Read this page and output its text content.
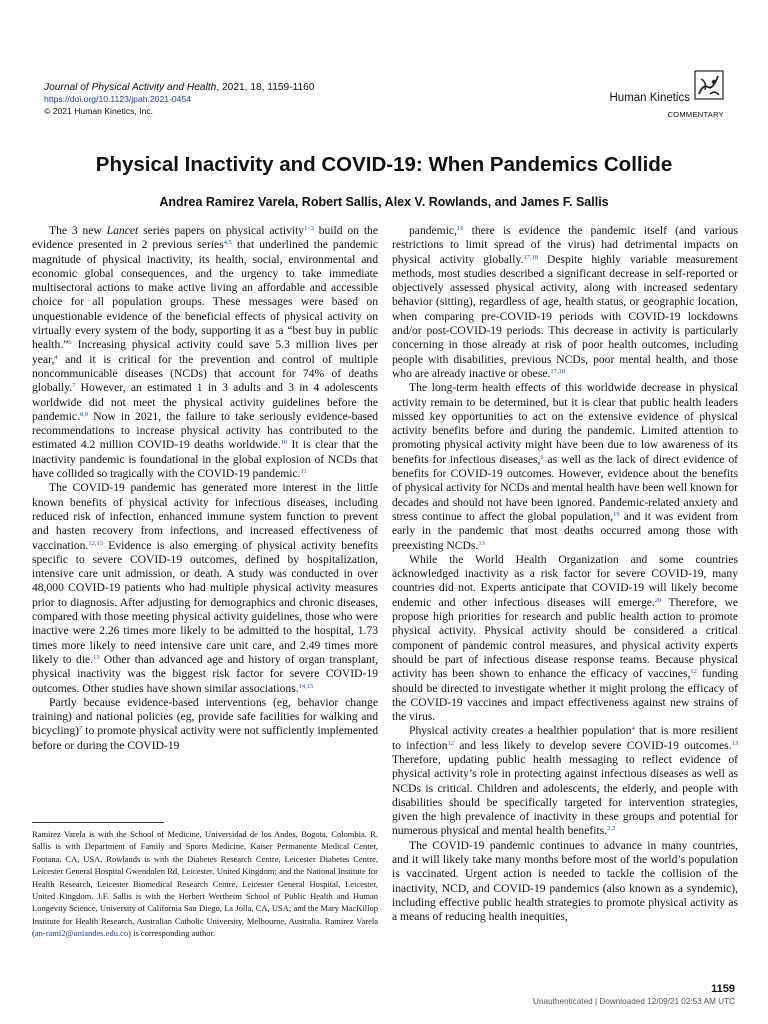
Journal of Physical Activity and Health, 2021, 18, 1159-1160
https://doi.org/10.1123/jpah.2021-0454
© 2021 Human Kinetics, Inc.
Human Kinetics
COMMENTARY
Physical Inactivity and COVID-19: When Pandemics Collide
Andrea Ramirez Varela, Robert Sallis, Alex V. Rowlands, and James F. Sallis

The 3 new Lancet series papers on physical activity$^{1-3}$ build on the evidence presented in 2 previous series$^{4,5}$ that underlined the pandemic magnitude of physical inactivity, its health, social, environmental and economic global consequences, and the urgency to take immediate multisectoral actions to make active living an affordable and accessible choice for all population groups. These messages were based on unquestionable evidence of the beneficial effects of physical activity on virtually every system of the body, supporting it as a “best buy in public health.”$^6$ Increasing physical activity could save 5.3 million lives per year,$^4$ and it is critical for the prevention and control of multiple noncommunicable diseases (NCDs) that account for 74% of deaths globally.$^7$ However, an estimated 1 in 3 adults and 3 in 4 adolescents worldwide did not meet the physical activity guidelines before the pandemic.$^{8,9}$ Now in 2021, the failure to take seriously evidence-based recommendations to increase physical activity has contributed to the estimated 4.2 million COVID-19 deaths worldwide.$^{10}$ It is clear that the inactivity pandemic is foundational in the global explosion of NCDs that have collided so tragically with the COVID-19 pandemic.$^{11}$

The COVID-19 pandemic has generated more interest in the little known benefits of physical activity for infectious diseases, including reduced risk of infection, enhanced immune system function to prevent and hasten recovery from infections, and increased effectiveness of vaccination.$^{12,13}$ Evidence is also emerging of physical activity benefits specific to severe COVID-19 outcomes, defined by hospitalization, intensive care unit admission, or death. A study was conducted in over 48,000 COVID-19 patients who had multiple physical activity measures prior to diagnosis. After adjusting for demographics and chronic diseases, compared with those meeting physical activity guidelines, those who were inactive were 2.26 times more likely to be admitted to the hospital, 1.73 times more likely to need intensive care unit care, and 2.49 times more likely to die.$^{13}$ Other than advanced age and history of organ transplant, physical inactivity was the biggest risk factor for severe COVID-19 outcomes. Other studies have shown similar associations.$^{14,15}$

Partly because evidence-based interventions (eg, behavior change training) and national policies (eg, provide safe facilities for walking and bicycling)$^7$ to promote physical activity were not sufficiently implemented before or during the COVID-19

pandemic,$^{16}$ there is evidence the pandemic itself (and various restrictions to limit spread of the virus) had detrimental impacts on physical activity globally.$^{17,18}$ Despite highly variable measurement methods, most studies described a significant decrease in self-reported or objectively assessed physical activity, along with increased sedentary behavior (sitting), regardless of age, health status, or geographic location, when comparing pre-COVID-19 periods with COVID-19 lockdowns and/or post-COVID-19 periods. This decrease in activity is particularly concerning in those already at risk of poor health outcomes, including people with disabilities, previous NCDs, poor mental health, and those who are already inactive or obese.$^{17,18}$

The long-term health effects of this worldwide decrease in physical activity remain to be determined, but it is clear that public health leaders missed key opportunities to act on the extensive evidence of physical activity benefits before and during the pandemic. Limited attention to promoting physical activity might have been due to low awareness of its benefits for infectious diseases,$^6$ as well as the lack of direct evidence of benefits for COVID-19 outcomes. However, evidence about the benefits of physical activity for NCDs and mental health have been well known for decades and should not have been ignored. Pandemic-related anxiety and stress continue to affect the global population,$^{19}$ and it was evident from early in the pandemic that most deaths occurred among those with preexisting NCDs.$^{13}$

While the World Health Organization and some countries acknowledged inactivity as a risk factor for severe COVID-19, many countries did not. Experts anticipate that COVID-19 will likely become endemic and other infectious diseases will emerge.$^{20}$ Therefore, we propose high priorities for research and public health action to promote physical activity. Physical activity should be considered a critical component of pandemic control measures, and physical activity experts should be part of infectious disease response teams. Because physical activity has been shown to enhance the efficacy of vaccines,$^{12}$ funding should be directed to investigate whether it might prolong the efficacy of the COVID-19 vaccines and impact effectiveness against new strains of the virus.

Physical activity creates a healthier population$^4$ that is more resilient to infection$^{12}$ and less likely to develop severe COVID-19 outcomes.$^{13}$ Therefore, updating public health messaging to reflect evidence of physical activity’s role in protecting against infectious diseases as well as NCDs is critical. Children and adolescents, the elderly, and people with disabilities should be specifically targeted for intervention strategies, given the high prevalence of inactivity in these groups and potential for numerous physical and mental health benefits.$^{2,3}$

The COVID-19 pandemic continues to advance in many countries, and it will likely take many months before most of the world’s population is vaccinated. Urgent action is needed to tackle the collision of the inactivity, NCD, and COVID-19 pandemics (also known as a syndemic), including effective public health strategies to promote physical activity as a means of reducing health inequities,

Ramirez Varela is with the School of Medicine, Universidad de los Andes, Bogota, Colombia. R. Sallis is with Department of Family and Sports Medicine, Kaiser Permanente Medical Center, Fontana, CA, USA. Rowlands is with the Diabetes Research Centre, Leicester Diabetes Centre, Leicester General Hospital Gwendolen Rd, Leicester, United Kingdom; and the National Institute for Health Research, Leicester Biomedical Research Centre, Leicester General Hospital, Leicester, United Kingdom. J.F. Sallis is with the Herbert Wertheim School of Public Health and Human Longevity Science, University of California San Diego, La Jolla, CA, USA; and the Mary MacKillop Institute for Health Research, Australian Catholic University, Melbourne, Australia. Ramirez Varela (an-rami2@uniandes.edu.co) is corresponding author.

1159
Unauthenticated | Downloaded 12/09/21 02:53 AM UTC
